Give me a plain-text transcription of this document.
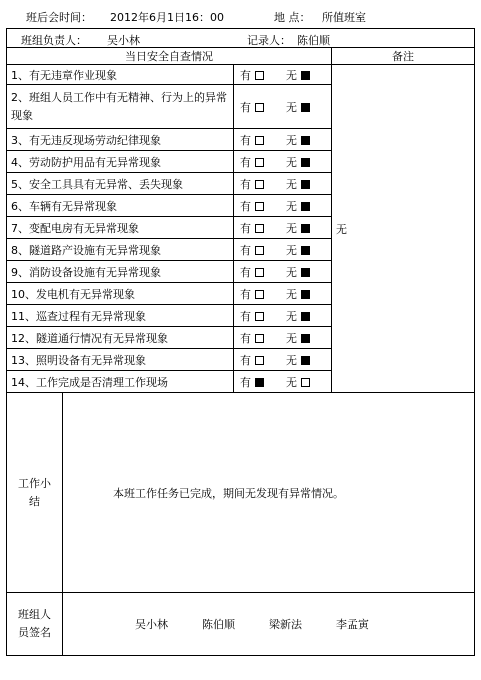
班后会时间： 2012年6月1日16：00	地 点： 所值班室
班组负责人： 吴小林 记录人： 陈伯顺			

当日安全自查情况			备注
1、有无违章作业现象		有 无	无
2、班组人员工作中有无精神、行为上的异常现象		有 无	
3、有无违反现场劳动纪律现象		有 无	
4、劳动防护用品有无异常现象		有 无	
5、安全工具具有无异常、丢失现象		有 无	
6、车辆有无异常现象		有 无	
7、变配电房有无异常现象		有 无	
8、隧道路产设施有无异常现象		有 无	
9、消防设备设施有无异常现象		有 无	
10、发电机有无异常现象		有 无	
11、巡查过程有无异常现象		有 无	
12、隧道通行情况有无异常现象		有 无	
13、照明设备有无异常现象		有 无	
14、工作完成是否清理工作现场		有 无	
工作小结	本班工作任务已完成，期间无发现有异常情况。		
班组人员签名	吴小林 陈伯顺 梁新法 李孟寅		
